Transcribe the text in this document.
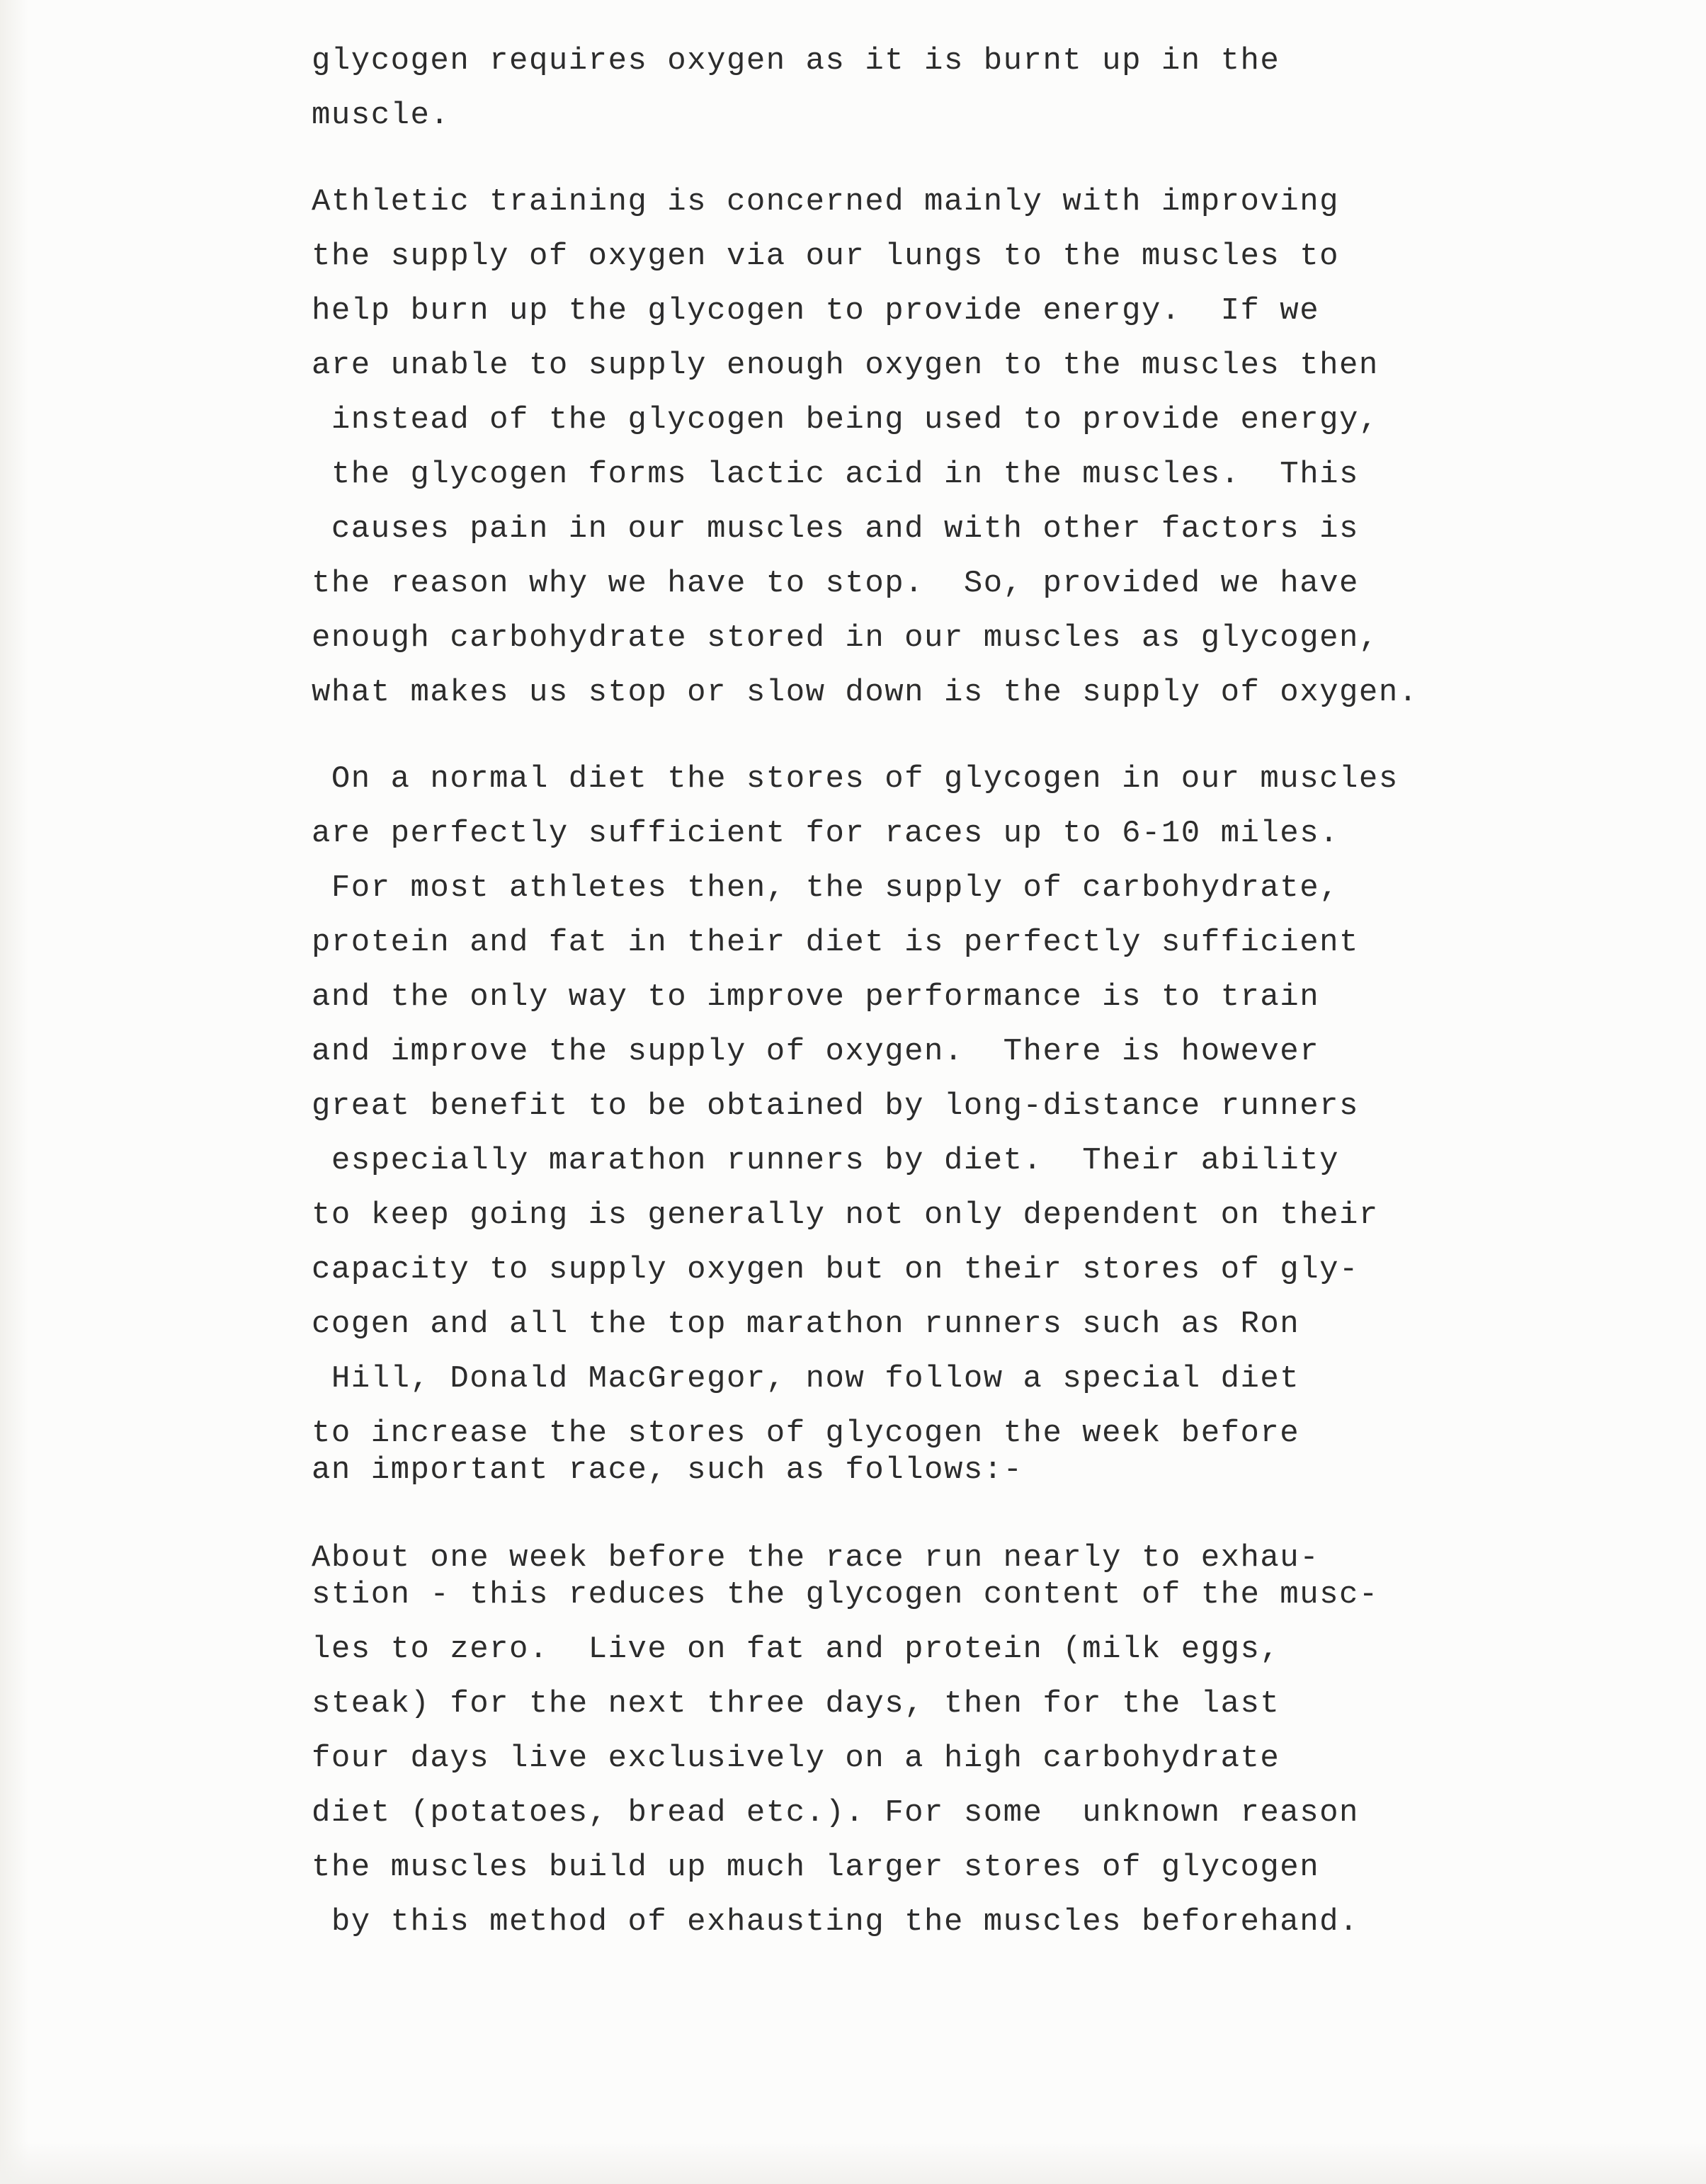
glycogen requires oxygen as it is burnt up in the
muscle.
Athletic training is concerned mainly with improving
the supply of oxygen via our lungs to the muscles to
help burn up the glycogen to provide energy.  If we
are unable to supply enough oxygen to the muscles then
instead of the glycogen being used to provide energy,
the glycogen forms lactic acid in the muscles.  This
causes pain in our muscles and with other factors is
the reason why we have to stop.  So, provided we have
enough carbohydrate stored in our muscles as glycogen,
what makes us stop or slow down is the supply of oxygen.
On a normal diet the stores of glycogen in our muscles
are perfectly sufficient for races up to 6-10 miles.
For most athletes then, the supply of carbohydrate,
protein and fat in their diet is perfectly sufficient
and the only way to improve performance is to train
and improve the supply of oxygen.  There is however
great benefit to be obtained by long-distance runners
especially marathon runners by diet.  Their ability
to keep going is generally not only dependent on their
capacity to supply oxygen but on their stores of gly-
cogen and all the top marathon runners such as Ron
Hill, Donald MacGregor, now follow a special diet
to increase the stores of glycogen the week before
an important race, such as follows:-
About one week before the race run nearly to exhau-
stion - this reduces the glycogen content of the musc-
les to zero.  Live on fat and protein (milk eggs,
steak) for the next three days, then for the last
four days live exclusively on a high carbohydrate
diet (potatoes, bread etc.). For some  unknown reason
the muscles build up much larger stores of glycogen
by this method of exhausting the muscles beforehand.
